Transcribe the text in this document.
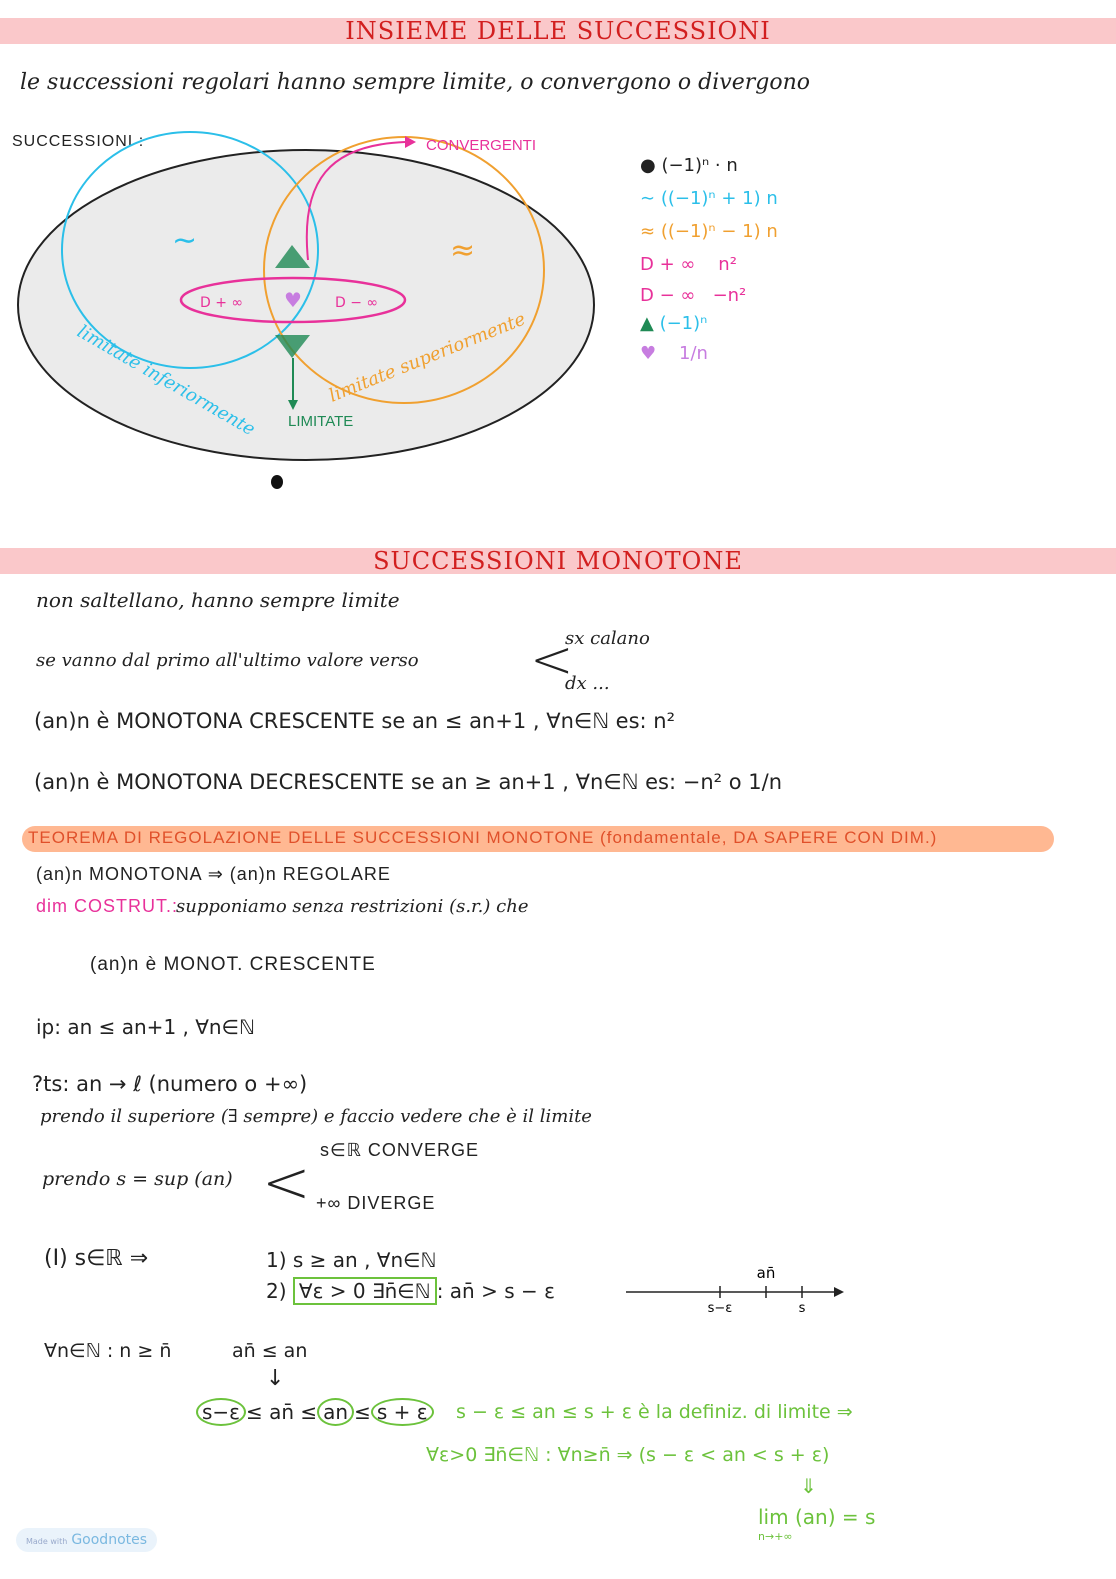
INSIEME DELLE SUCCESSIONI
le successioni regolari hanno sempre limite, o convergono o divergono
SUCCESSIONI :
♥
CONVERGENTI
LIMITATE
D + ∞	D − ∞
∼	≈
limitate inferiormente	limitate superiormente
● (−1)ⁿ · n
∼ ((−1)ⁿ + 1) n
≈ ((−1)ⁿ − 1) n
D + ∞ n²
D − ∞ −n²
▲ (−1)ⁿ
♥ 1/n
SUCCESSIONI MONOTONE
non saltellano, hanno sempre limite
se vanno dal primo all'ultimo valore verso <
sx calano
dx ...
(an)n è MONOTONA CRESCENTE se an ≤ an+1 , ∀n∈ℕ es: n²
(an)n è MONOTONA DECRESCENTE se an ≥ an+1 , ∀n∈ℕ es: −n² o 1/n
TEOREMA DI REGOLAZIONE DELLE SUCCESSIONI MONOTONE (fondamentale, DA SAPERE CON DIM.)
(an)n MONOTONA ⇒ (an)n REGOLARE
dim COSTRUT.:
supponiamo senza restrizioni (s.r.) che
(an)n è MONOT. CRESCENTE
ip: an ≤ an+1 , ∀n∈ℕ
?ts: an → ℓ (numero o +∞)
prendo il superiore (∃ sempre) e faccio vedere che è il limite
prendo s = sup (an) < s∈ℝ CONVERGE
+∞ DIVERGE
(I) s∈ℝ ⇒	1) s ≥ an , ∀n∈ℕ
2) ∀ε > 0 ∃n̄∈ℕ : an̄ > s − ε
an̄
s−ε	s
∀n∈ℕ : n ≥ n̄	an̄ ≤ an
↓
s−ε ≤ an̄ ≤ an ≤ s + ε	s − ε ≤ an ≤ s + ε è la definiz. di limite ⇒
∀ε>0 ∃n̄∈ℕ : ∀n≥n̄ ⇒ (s − ε < an < s + ε)
⇓
lim (an) = s
n→+∞
Made with Goodnotes
